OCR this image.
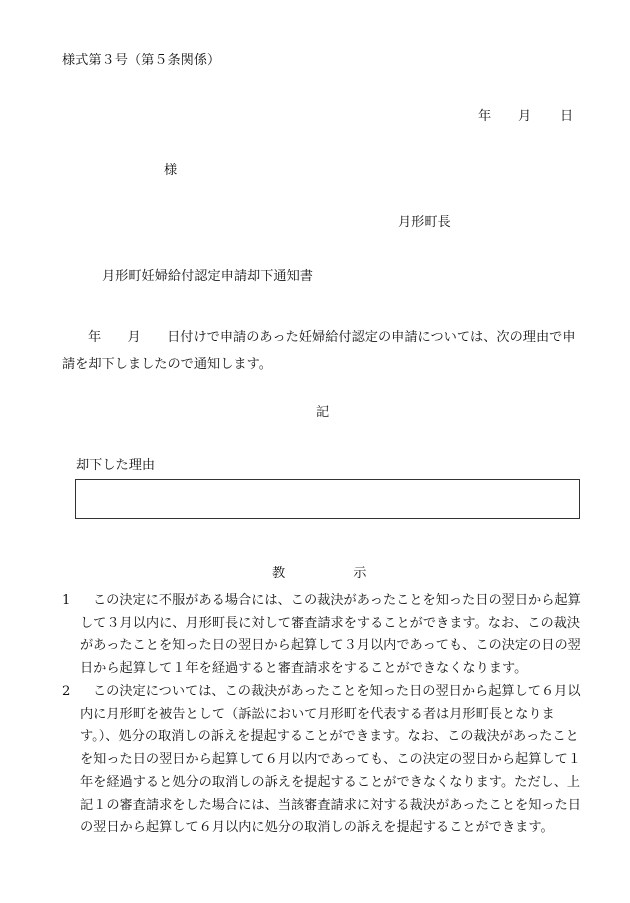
様式第３号（第５条関係）
年 月 日
様
月形町長
月形町妊婦給付認定申請却下通知書
年　　月　　日付けで申請のあった妊婦給付認定の申請については、次の理由で申請を却下しましたので通知します。
記
却下した理由
教	示
1	この決定に不服がある場合には、この裁決があったことを知った日の翌日から起算して３月以内に、月形町長に対して審査請求をすることができます。なお、この裁決があったことを知った日の翌日から起算して３月以内であっても、この決定の日の翌日から起算して１年を経過すると審査請求をすることができなくなります。
2	この決定については、この裁決があったことを知った日の翌日から起算して６月以内に月形町を被告として（訴訟において月形町を代表する者は月形町長となります。）、処分の取消しの訴えを提起することができます。なお、この裁決があったことを知った日の翌日から起算して６月以内であっても、この決定の翌日から起算して１年を経過すると処分の取消しの訴えを提起することができなくなります。ただし、上記１の審査請求をした場合には、当該審査請求に対する裁決があったことを知った日の翌日から起算して６月以内に処分の取消しの訴えを提起することができます。
